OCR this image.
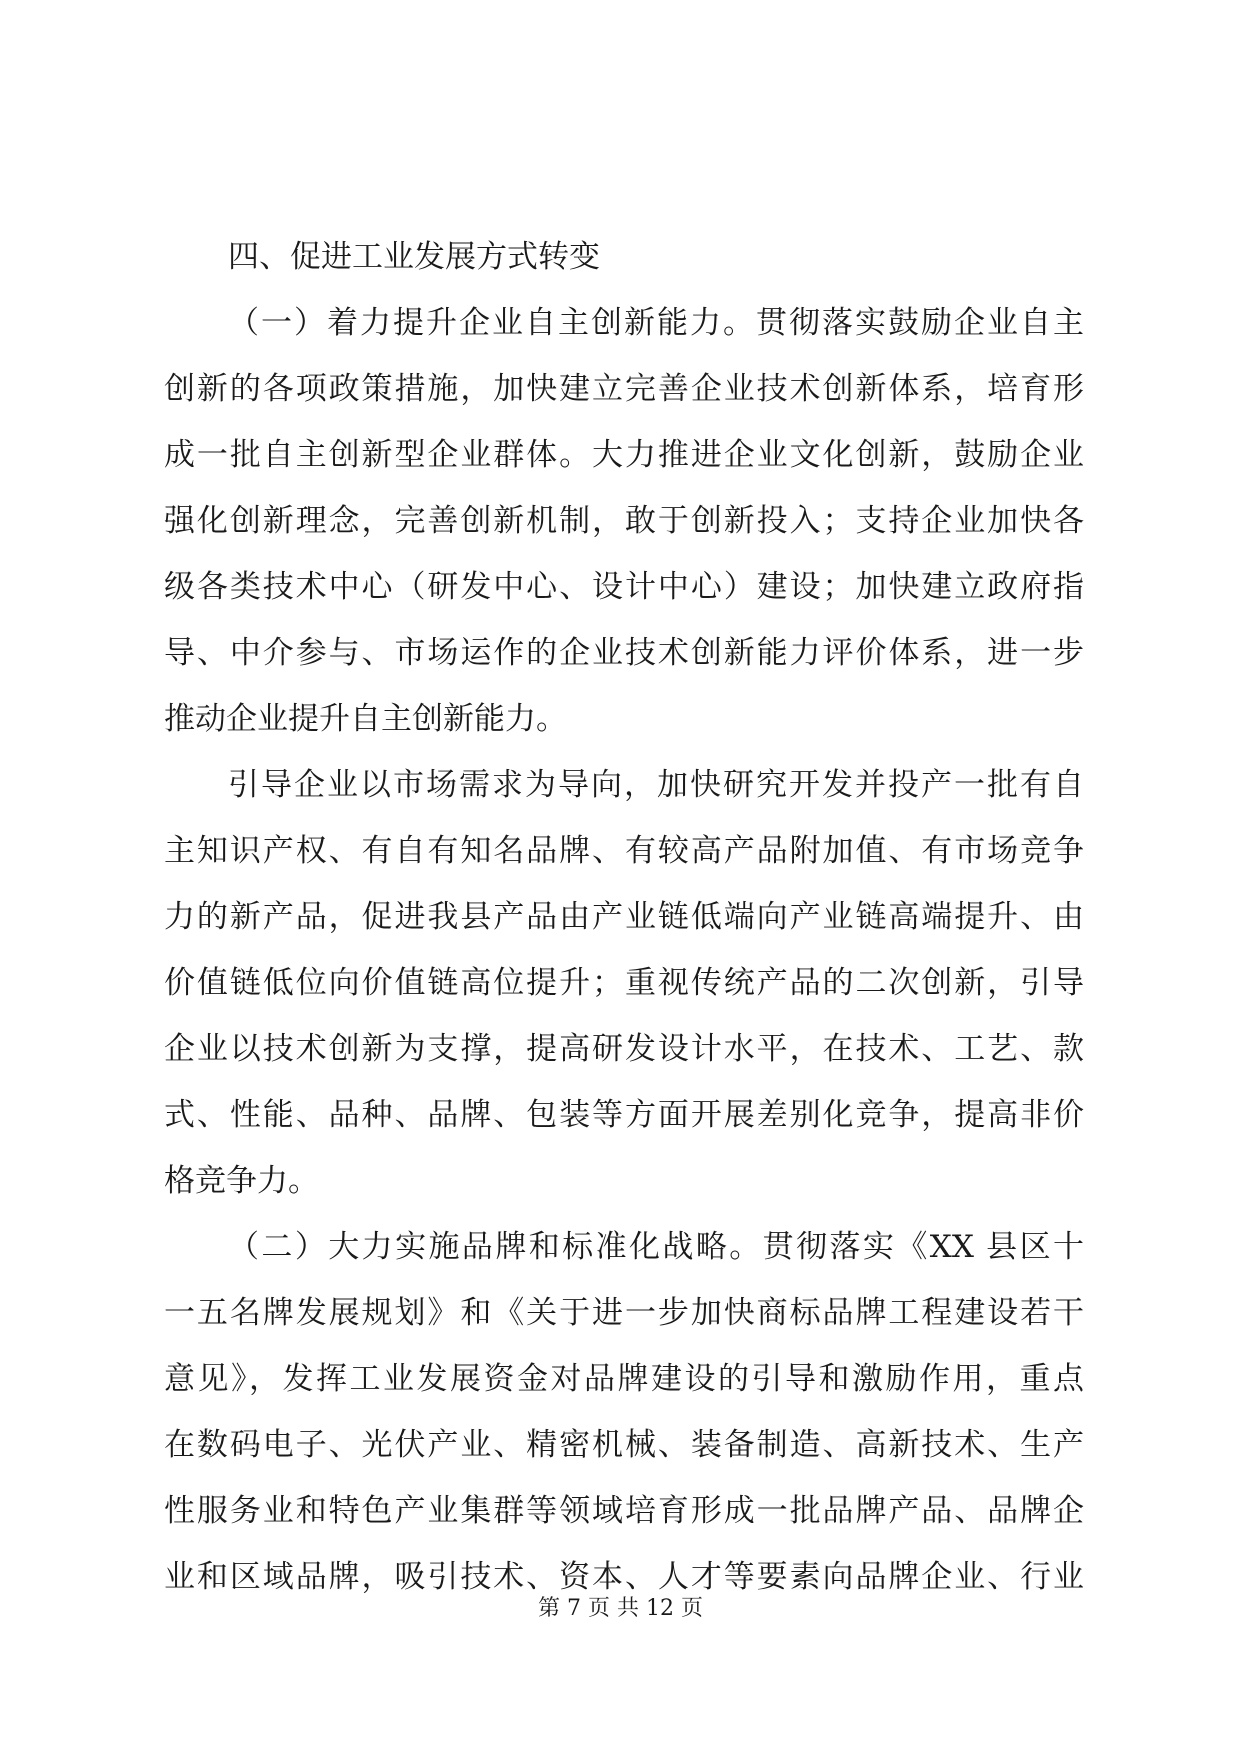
四、促进工业发展方式转变
（一）着力提升企业自主创新能力。贯彻落实鼓励企业自主
创新的各项政策措施，加快建立完善企业技术创新体系，培育形
成一批自主创新型企业群体。大力推进企业文化创新，鼓励企业
强化创新理念，完善创新机制，敢于创新投入；支持企业加快各
级各类技术中心（研发中心、设计中心）建设；加快建立政府指
导、中介参与、市场运作的企业技术创新能力评价体系，进一步
推动企业提升自主创新能力。
引导企业以市场需求为导向，加快研究开发并投产一批有自
主知识产权、有自有知名品牌、有较高产品附加值、有市场竞争
力的新产品，促进我县产品由产业链低端向产业链高端提升、由
价值链低位向价值链高位提升；重视传统产品的二次创新，引导
企业以技术创新为支撑，提高研发设计水平，在技术、工艺、款
式、性能、品种、品牌、包装等方面开展差别化竞争，提高非价
格竞争力。
（二）大力实施品牌和标准化战略。贯彻落实《XX 县区十
一五名牌发展规划》和《关于进一步加快商标品牌工程建设若干
意见》，发挥工业发展资金对品牌建设的引导和激励作用，重点
在数码电子、光伏产业、精密机械、装备制造、高新技术、生产
性服务业和特色产业集群等领域培育形成一批品牌产品、品牌企
业和区域品牌，吸引技术、资本、人才等要素向品牌企业、行业
第 7 页 共 12 页
